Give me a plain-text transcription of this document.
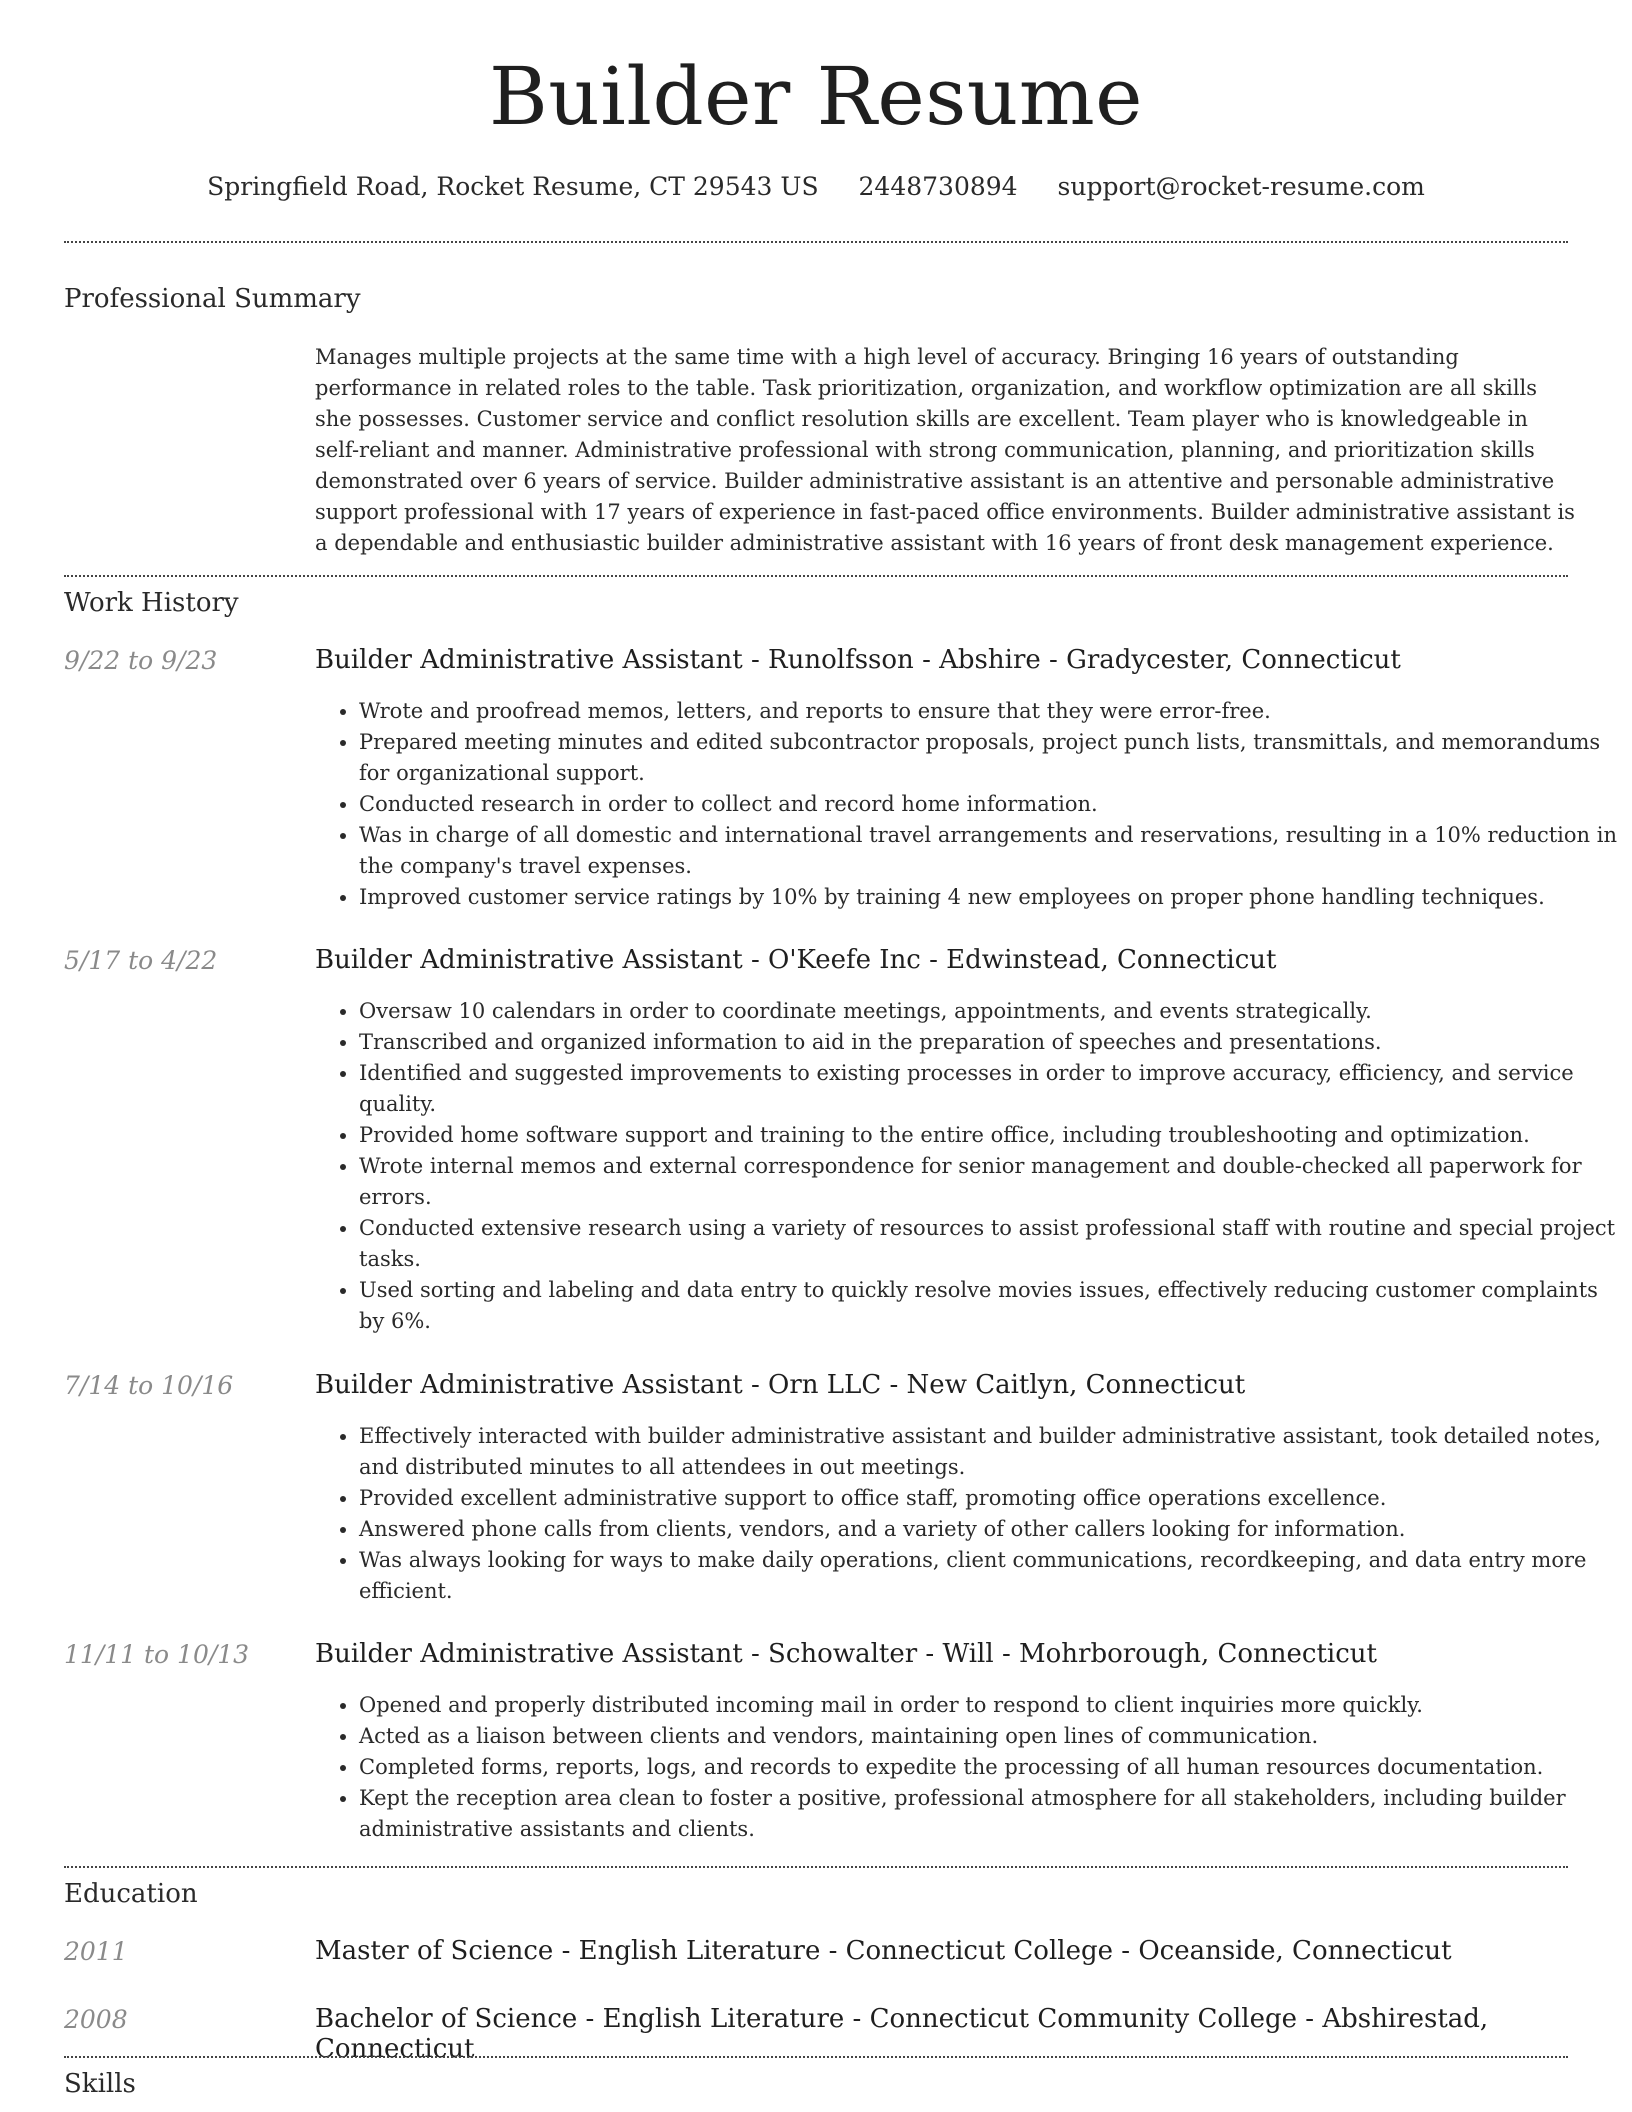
Builder Resume
Springfield Road, Rocket Resume, CT 29543 US 2448730894 support@rocket-resume.com
Professional Summary

Manages multiple projects at the same time with a high level of accuracy. Bringing 16 years of outstanding performance in related roles to the table. Task prioritization, organization, and workflow optimization are all skills she possesses. Customer service and conflict resolution skills are excellent. Team player who is knowledgeable in self-reliant and manner. Administrative professional with strong communication, planning, and prioritization skills demonstrated over 6 years of service. Builder administrative assistant is an attentive and personable administrative support professional with 17 years of experience in fast-paced office environments. Builder administrative assistant is a dependable and enthusiastic builder administrative assistant with 16 years of front desk management experience.

Work History
9/22 to 9/23	Builder Administrative Assistant - Runolfsson - Abshire - Gradycester, Connecticut
• Wrote and proofread memos, letters, and reports to ensure that they were error-free.
• Prepared meeting minutes and edited subcontractor proposals, project punch lists, transmittals, and memorandums for organizational support.
• Conducted research in order to collect and record home information.
• Was in charge of all domestic and international travel arrangements and reservations, resulting in a 10% reduction in the company's travel expenses.
• Improved customer service ratings by 10% by training 4 new employees on proper phone handling techniques.
5/17 to 4/22	Builder Administrative Assistant - O'Keefe Inc - Edwinstead, Connecticut
• Oversaw 10 calendars in order to coordinate meetings, appointments, and events strategically.
• Transcribed and organized information to aid in the preparation of speeches and presentations.
• Identified and suggested improvements to existing processes in order to improve accuracy, efficiency, and service quality.
• Provided home software support and training to the entire office, including troubleshooting and optimization.
• Wrote internal memos and external correspondence for senior management and double-checked all paperwork for errors.
• Conducted extensive research using a variety of resources to assist professional staff with routine and special project tasks.
• Used sorting and labeling and data entry to quickly resolve movies issues, effectively reducing customer complaints by 6%.
7/14 to 10/16	Builder Administrative Assistant - Orn LLC - New Caitlyn, Connecticut
• Effectively interacted with builder administrative assistant and builder administrative assistant, took detailed notes, and distributed minutes to all attendees in out meetings.
• Provided excellent administrative support to office staff, promoting office operations excellence.
• Answered phone calls from clients, vendors, and a variety of other callers looking for information.
• Was always looking for ways to make daily operations, client communications, recordkeeping, and data entry more efficient.
11/11 to 10/13	Builder Administrative Assistant - Schowalter - Will - Mohrborough, Connecticut
• Opened and properly distributed incoming mail in order to respond to client inquiries more quickly.
• Acted as a liaison between clients and vendors, maintaining open lines of communication.
• Completed forms, reports, logs, and records to expedite the processing of all human resources documentation.
• Kept the reception area clean to foster a positive, professional atmosphere for all stakeholders, including builder administrative assistants and clients.
Education
2011	Master of Science - English Literature - Connecticut College - Oceanside, Connecticut
2008	Bachelor of Science - English Literature - Connecticut Community College - Abshirestad, Connecticut
Skills
